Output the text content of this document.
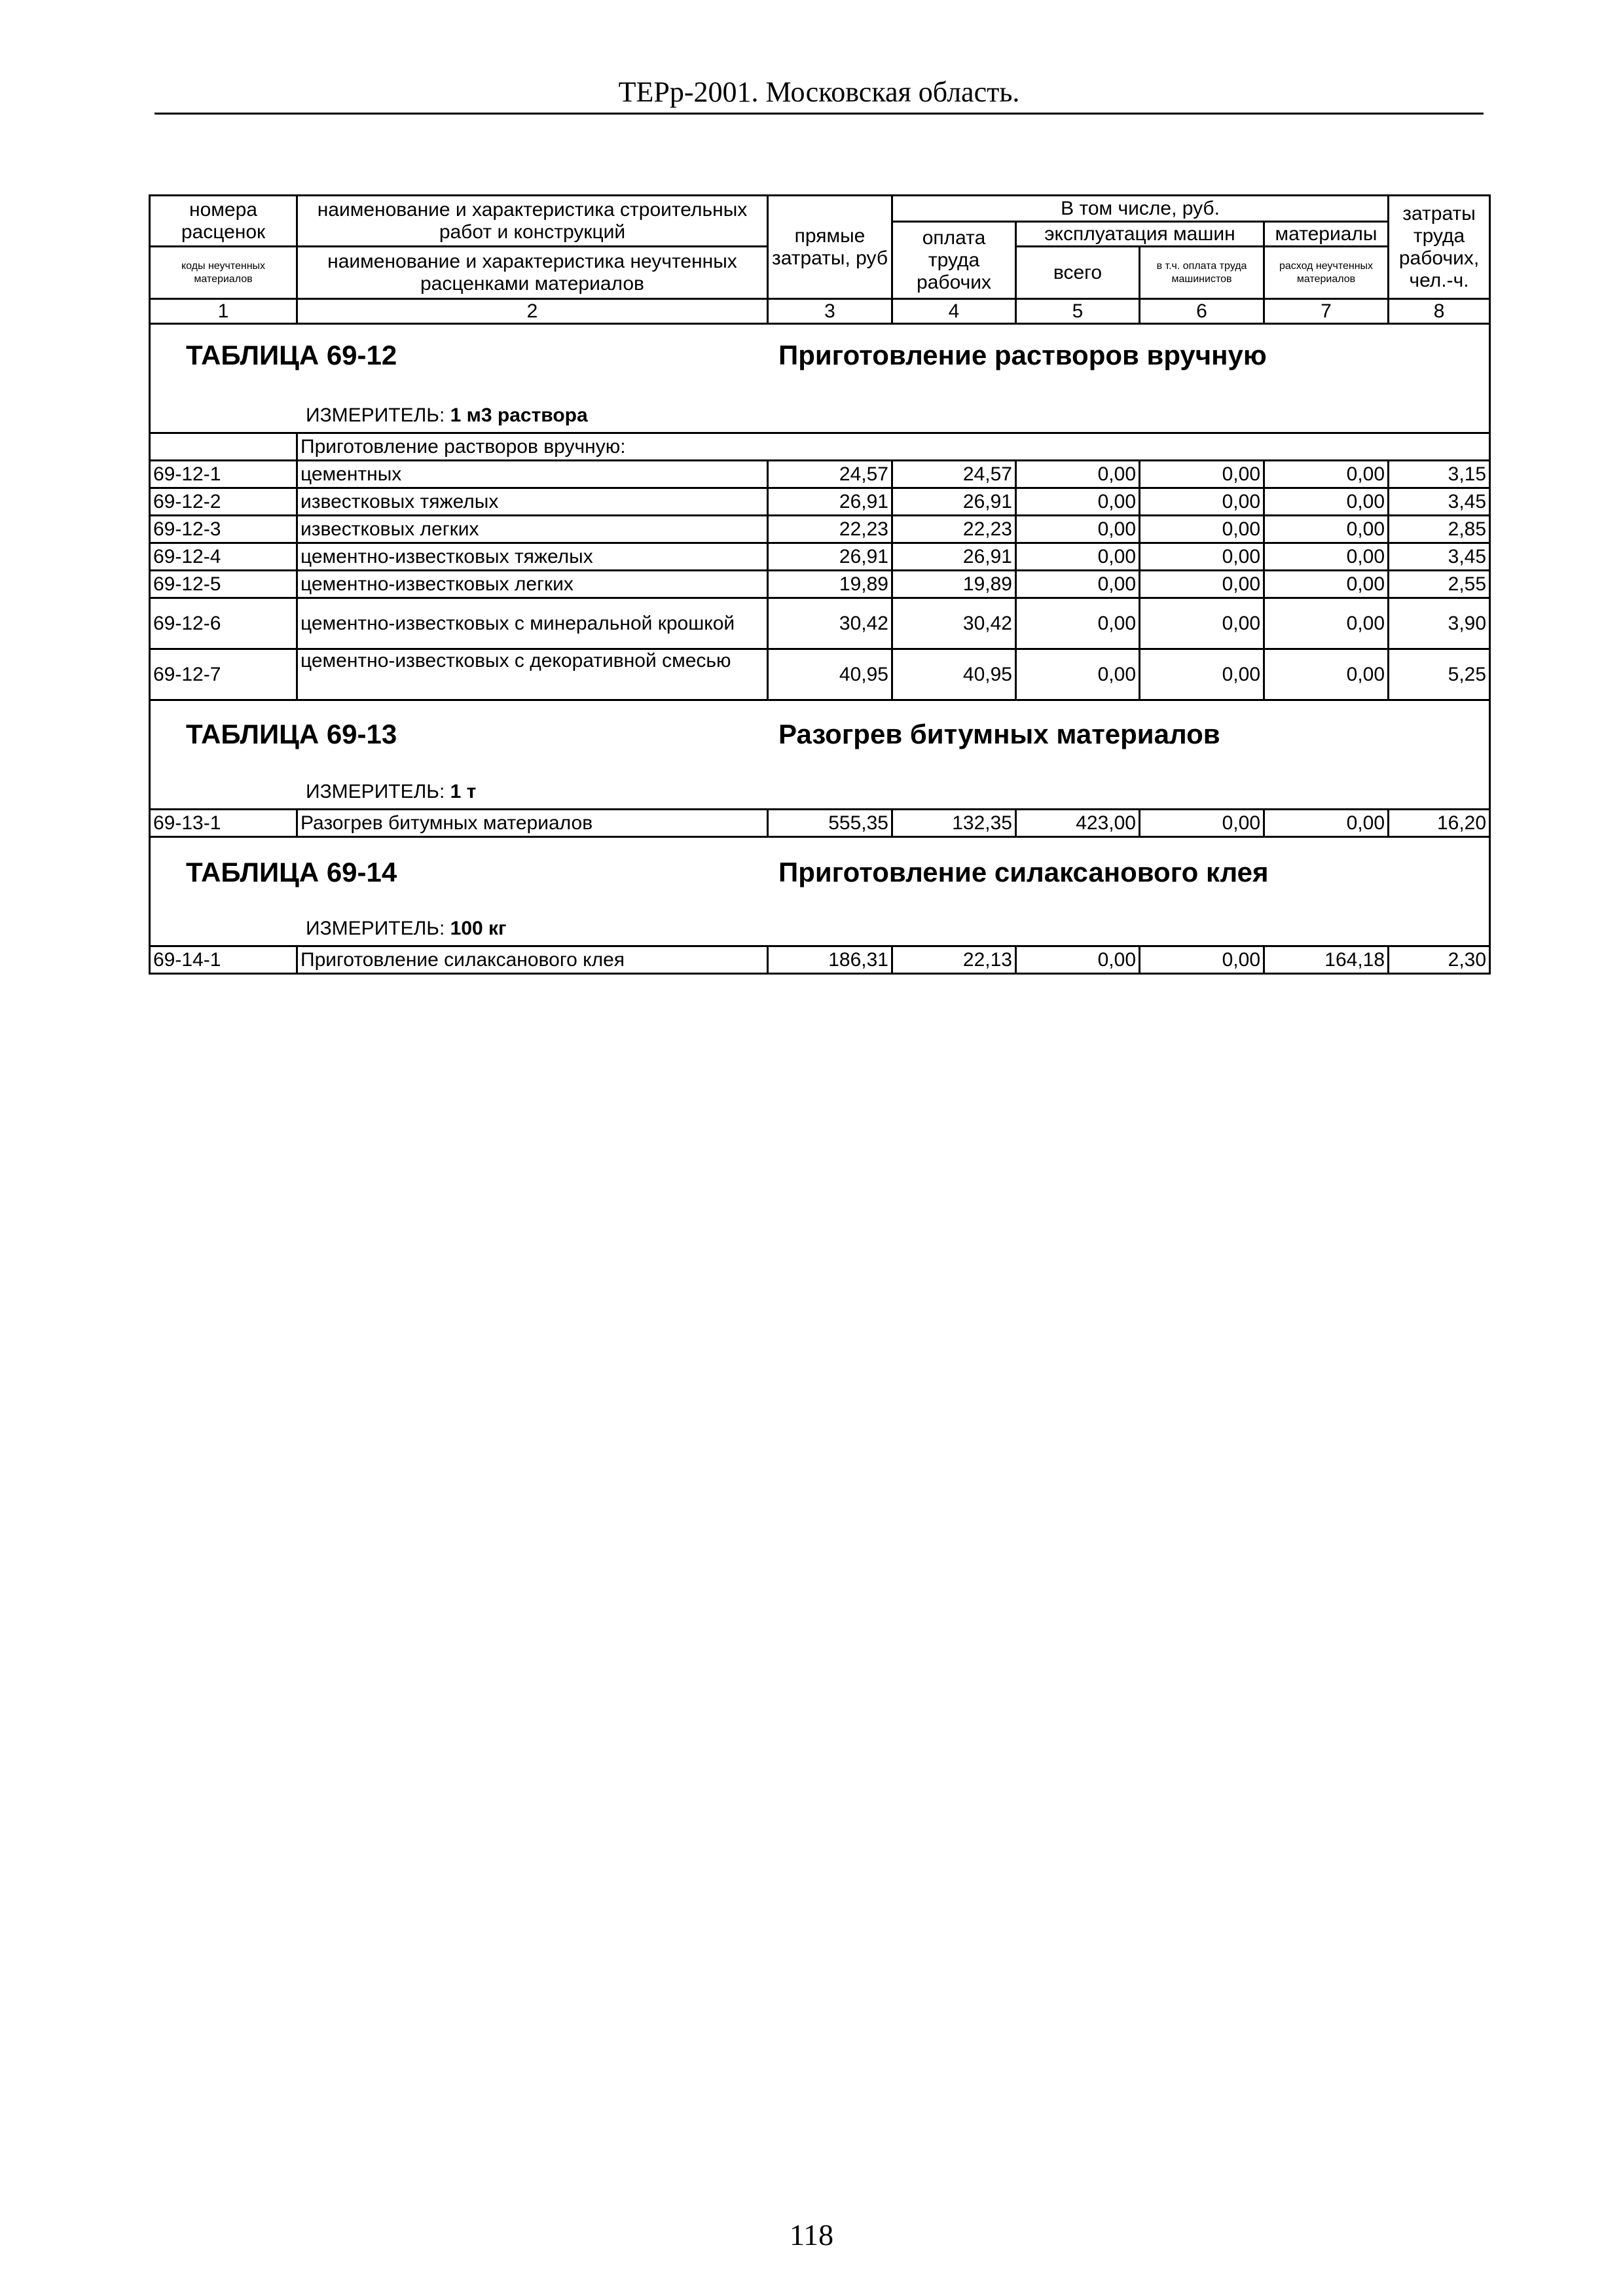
ТЕРр-2001. Московская область.
номера расценок	наименование и характеристика строительных работ и конструкций	прямые затраты, руб	В том числе, руб.				затраты труда рабочих, чел.-ч.
			оплата труда рабочих	эксплуатация машин		материалы	
коды неучтенных материалов	наименование и характеристика неучтенных расценками материалов			всего	в т.ч. оплата труда машинистов	расход неучтенных материалов	

1	2	3	4	5	6	7	8

ТАБЛИЦА 69-12 Приготовление растворов вручную
ИЗМЕРИТЕЛЬ: 1 м3 раствора							

	Приготовление растворов вручную:						
69-12-1	цементных	24,57	24,57	0,00	0,00	0,00	3,15
69-12-2	известковых тяжелых	26,91	26,91	0,00	0,00	0,00	3,45
69-12-3	известковых легких	22,23	22,23	0,00	0,00	0,00	2,85
69-12-4	цементно-известковых тяжелых	26,91	26,91	0,00	0,00	0,00	3,45
69-12-5	цементно-известковых легких	19,89	19,89	0,00	0,00	0,00	2,55
69-12-6	цементно-известковых с минеральной крошкой	30,42	30,42	0,00	0,00	0,00	3,90
69-12-7	цементно-известковых с декоративной смесью	40,95	40,95	0,00	0,00	0,00	5,25

ТАБЛИЦА 69-13 Разогрев битумных материалов
ИЗМЕРИТЕЛЬ: 1 т							

69-13-1	Разогрев битумных материалов	555,35	132,35	423,00	0,00	0,00	16,20

ТАБЛИЦА 69-14 Приготовление силаксанового клея
ИЗМЕРИТЕЛЬ: 100 кг							

69-14-1	Приготовление силаксанового клея	186,31	22,13	0,00	0,00	164,18	2,30
118
